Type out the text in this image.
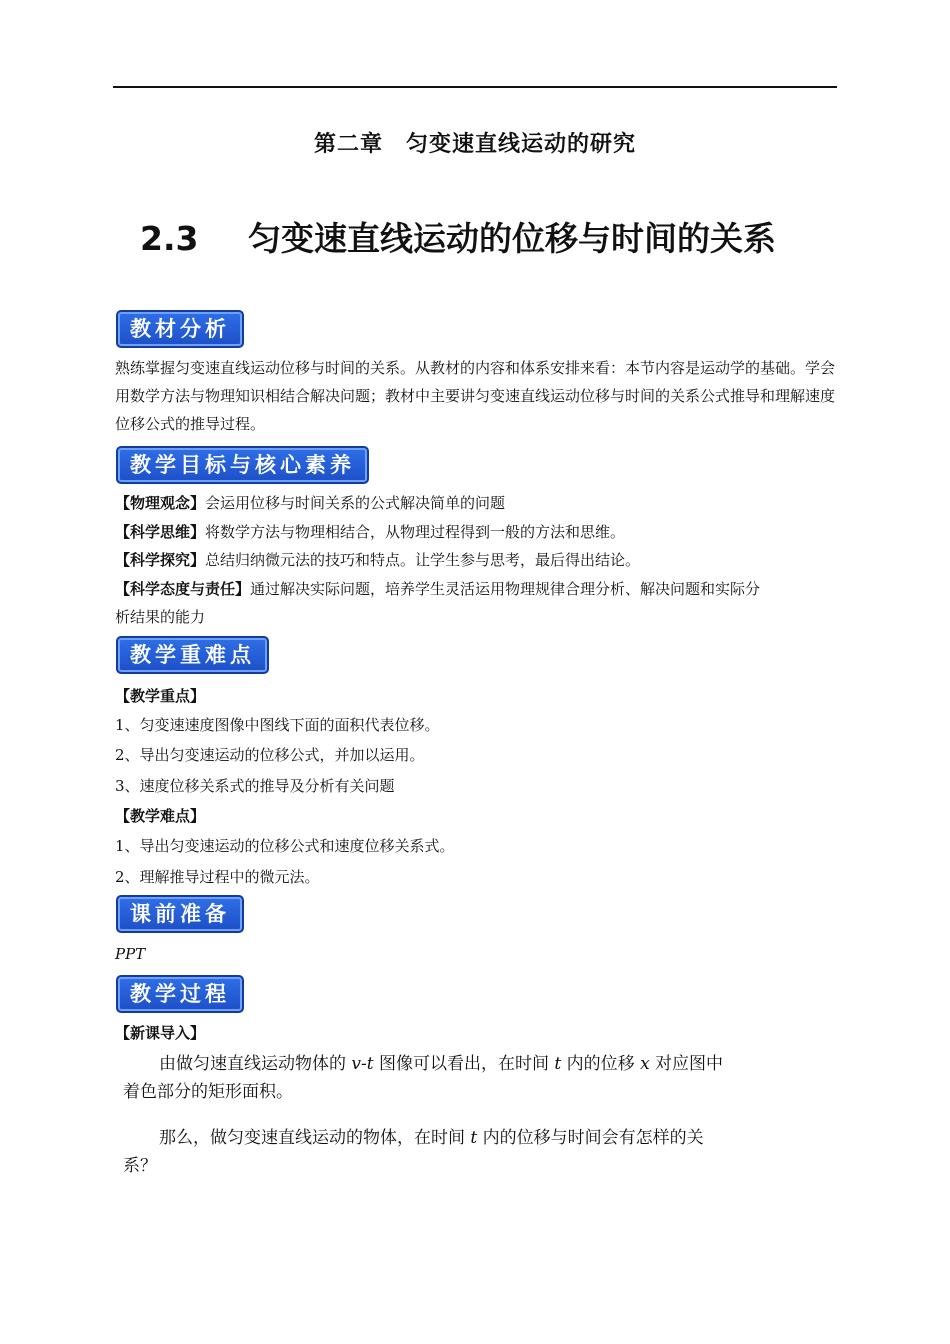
第二章　匀变速直线运动的研究
2.3 匀变速直线运动的位移与时间的关系
教材分析
熟练掌握匀变速直线运动位移与时间的关系。从教材的内容和体系安排来看：本节内容是运动学的基础。学会用数学方法与物理知识相结合解决问题；教材中主要讲匀变速直线运动位移与时间的关系公式推导和理解速度位移公式的推导过程。
教学目标与核心素养
【物理观念】会运用位移与时间关系的公式解决简单的问题
【科学思维】将数学方法与物理相结合，从物理过程得到一般的方法和思维。
【科学探究】总结归纳微元法的技巧和特点。让学生参与思考，最后得出结论。
【科学态度与责任】通过解决实际问题，培养学生灵活运用物理规律合理分析、解决问题和实际分
析结果的能力
教学重难点
【教学重点】
1、匀变速速度图像中图线下面的面积代表位移。
2、导出匀变速运动的位移公式，并加以运用。
3、速度位移关系式的推导及分析有关问题
【教学难点】
1、导出匀变速运动的位移公式和速度位移关系式。
2、理解推导过程中的微元法。
课前准备
PPT
教学过程
【新课导入】
由做匀速直线运动物体的 v-t 图像可以看出，在时间 t 内的位移 x 对应图中
着色部分的矩形面积。
那么，做匀变速直线运动的物体，在时间 t 内的位移与时间会有怎样的关
系？
